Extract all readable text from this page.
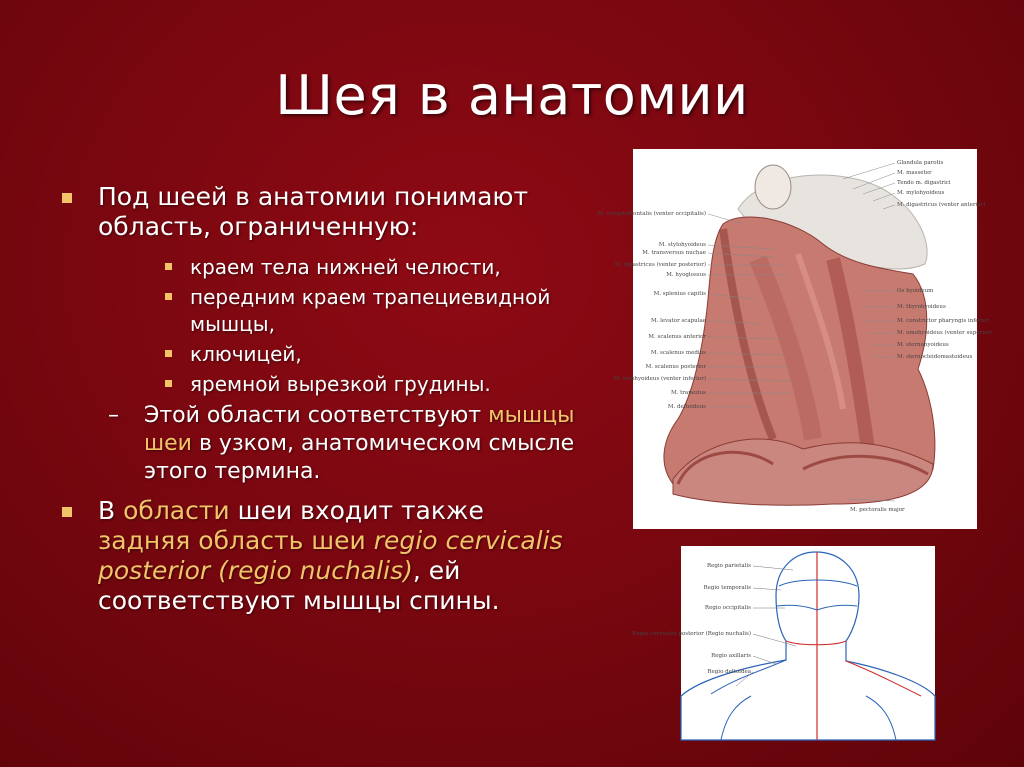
Шея в анатомии
Под шеей в анатомии понимают область, ограниченную:
краем тела нижней челюсти,
передним краем трапециевидной мышцы,
ключицей,
яремной вырезкой грудины.
– Этой области соответствуют мышцы шеи в узком, анатомическом смысле этого термина.
В области шеи входит также задняя область шеи regio cervicalis posterior (regio nuchalis), ей соответствуют мышцы спины.
M. occipitofrontalis (venter occipitalis)
M. stylohyoideus
M. transversus nuchae
M. digastricus (venter posterior)
M. hyoglossus
M. splenius capitis
M. levator scapulae
M. scalenus anterior
M. scalenus medius
M. scalenus posterior
M. omohyoideus (venter inferior)
M. trapezius
M. deltoideus
Glandula parotis
M. masseter
Tendo m. digastrici
M. mylohyoideus
M. digastricus (venter anterior)
Os hyoideum
M. thyrohyoideus
M. constrictor pharyngis inferior
M. omohyoideus (venter superior)
M. sternohyoideus
M. sternocleidomastoideus
M. pectoralis major
Regio parietalis
Regio temporalis
Regio occipitalis
Regio cervicalis posterior (Regio nuchalis)
Regio axillaris
Regio deltoidea
